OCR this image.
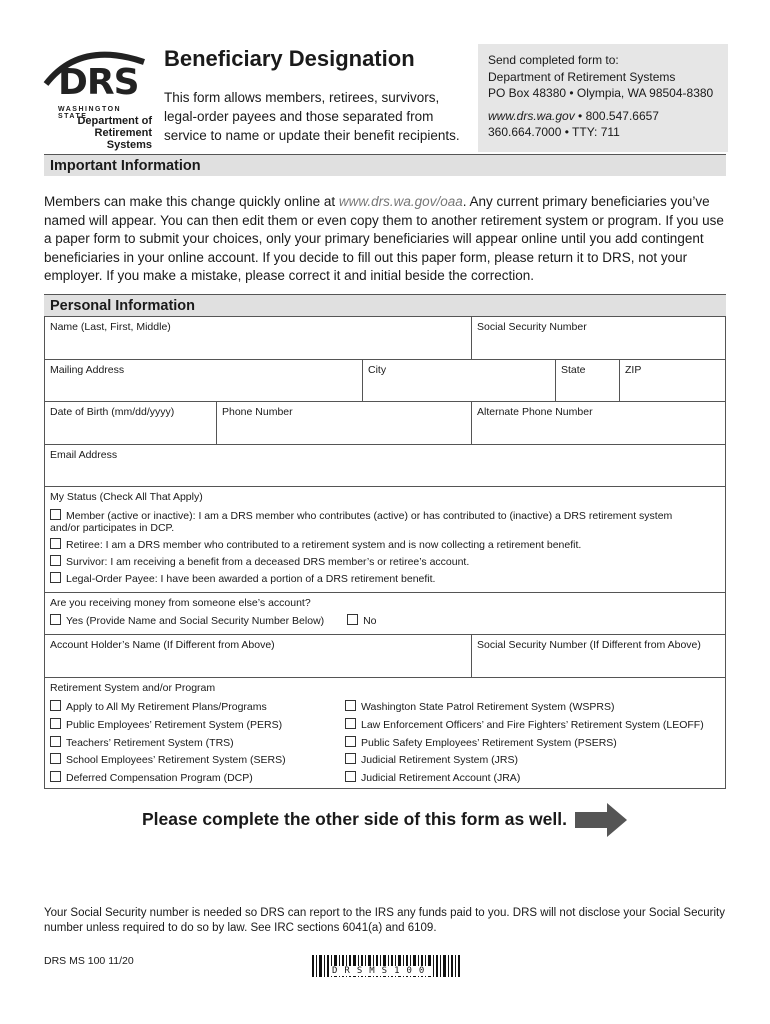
DRS
WASHINGTON STATE
Department of
Retirement Systems
Beneficiary Designation
This form allows members, retirees, survivors, legal-order payees and those separated from service to name or update their benefit recipients.
Send completed form to:
Department of Retirement Systems
PO Box 48380 • Olympia, WA 98504-8380
www.drs.wa.gov • 800.547.6657
360.664.7000 • TTY: 711
Important Information
Members can make this change quickly online at www.drs.wa.gov/oaa. Any current primary beneficiaries you’ve named will appear. You can then edit them or even copy them to another retirement system or program. If you use a paper form to submit your choices, only your primary beneficiaries will appear online until you add contingent beneficiaries in your online account. If you decide to fill out this paper form, please return it to DRS, not your employer. If you make a mistake, please correct it and initial beside the correction.
Personal Information
Name (Last, First, Middle)	Social Security Number
Mailing Address	City	State	ZIP
Date of Birth (mm/dd/yyyy)	Phone Number	Alternate Phone Number
Email Address
My Status (Check All That Apply)
Member (active or inactive): I am a DRS member who contributes (active) or has contributed to (inactive) a DRS retirement system
and/or participates in DCP.
Retiree: I am a DRS member who contributed to a retirement system and is now collecting a retirement benefit.
Survivor: I am receiving a benefit from a deceased DRS member’s or retiree’s account.
Legal-Order Payee: I have been awarded a portion of a DRS retirement benefit.
Are you receiving money from someone else’s account?
Yes (Provide Name and Social Security Number Below)	No
Account Holder’s Name (If Different from Above)	Social Security Number (If Different from Above)
Retirement System and/or Program
Apply to All My Retirement Plans/Programs
Public Employees’ Retirement System (PERS)
Teachers’ Retirement System (TRS)
School Employees’ Retirement System (SERS)
Deferred Compensation Program (DCP)
Washington State Patrol Retirement System (WSPRS)
Law Enforcement Officers’ and Fire Fighters’ Retirement System (LEOFF)
Public Safety Employees’ Retirement System (PSERS)
Judicial Retirement System (JRS)
Judicial Retirement Account (JRA)
Please complete the other side of this form as well.
Your Social Security number is needed so DRS can report to the IRS any funds paid to you. DRS will not disclose your Social Security number unless required to do so by law. See IRC sections 6041(a) and 6109.
DRS MS 100 11/20
DRSMS100
